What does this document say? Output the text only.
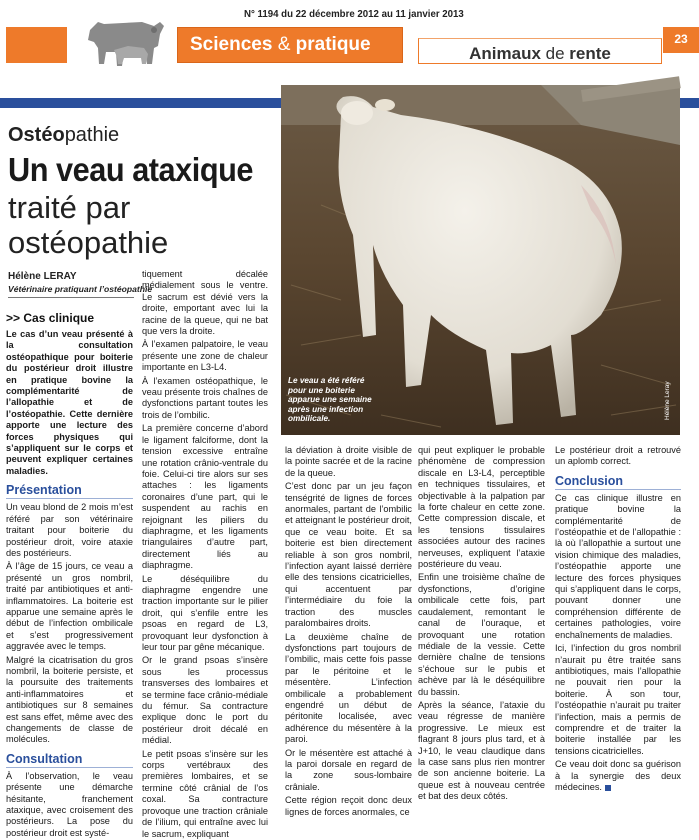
N° 1194 du 22 décembre 2012 au 11 janvier 2013
Sciences & pratique	Animaux de rente
23
Ostéopathie
Un veau ataxique
traité par
ostéopathie
Hélène LERAY
Vétérinaire pratiquant l’ostéopathie
Le veau a été référé pour une boiterie apparue une semaine après une infection ombilicale.	Hélène Leray
>> Cas clinique

Le cas d’un veau présenté à la consultation ostéopathique pour boiterie du postérieur droit illustre en pratique bovine la complémentarité de l’allopathie et de l’ostéopathie. Cette dernière apporte une lecture des forces physiques qui s’appliquent sur le corps et peuvent expliquer certaines maladies.

Présentation

Un veau blond de 2 mois m’est référé par son vétérinaire traitant pour boiterie du postérieur droit, voire ataxie des postérieurs.

À l’âge de 15 jours, ce veau a présenté un gros nombril, traité par antibiotiques et anti-inflammatoires. La boiterie est apparue une semaine après le début de l’infection ombilicale et s’est progressivement aggravée avec le temps.

Malgré la cicatrisation du gros nombril, la boiterie persiste, et la poursuite des traitements anti-inflammatoires et antibiotiques sur 8 semaines est sans effet, même avec des changements de classe de molécules.

Consultation

À l’observation, le veau présente une démarche hésitante, franchement ataxique, avec croisement des postérieurs. La pose du postérieur droit est systé-

tiquement décalée médialement sous le ventre. Le sacrum est dévié vers la droite, emportant avec lui la racine de la queue, qui ne bat que vers la droite.

À l’examen palpatoire, le veau présente une zone de chaleur importante en L3-L4.

À l’examen ostéopathique, le veau présente trois chaînes de dysfonctions partant toutes les trois de l’ombilic.

La première concerne d’abord le ligament falciforme, dont la tension excessive entraîne une rotation crânio-ventrale du foie. Celui-ci tire alors sur ses attaches : les ligaments coronaires d’une part, qui le suspendent au rachis en rejoignant les piliers du diaphragme, et les ligaments triangulaires d’autre part, directement liés au diaphragme.

Le déséquilibre du diaphragme engendre une traction importante sur le pilier droit, qui s’enfile entre les psoas en regard de L3, provoquant leur dysfonction à leur tour par gêne mécanique.

Or le grand psoas s’insère sous les processus transverses des lombaires et se termine face crânio-médiale du fémur. Sa contracture explique donc le port du postérieur droit décalé en médial.

Le petit psoas s’insère sur les corps vertébraux des premières lombaires, et se termine côté crânial de l’os coxal. Sa contracture provoque une traction crâniale de l’ilium, qui entraîne avec lui le sacrum, expliquant

la déviation à droite visible de la pointe sacrée et de la racine de la queue.

C’est donc par un jeu façon tenségrité de lignes de forces anormales, partant de l’ombilic et atteignant le postérieur droit, que ce veau boite. Et sa boiterie est bien directement reliable à son gros nombril, l’infection ayant laissé derrière elle des tensions cicatricielles, qui accentuent par l’intermédiaire du foie la traction des muscles paralombaires droits.

La deuxième chaîne de dysfonctions part toujours de l’ombilic, mais cette fois passe par le péritoine et le mésentère. L’infection ombilicale a probablement engendré un début de péritonite localisée, avec adhérence du mésentère à la paroi.

Or le mésentère est attaché à la paroi dorsale en regard de la zone sous-lombaire crâniale.

Cette région reçoit donc deux lignes de forces anormales, ce

qui peut expliquer le probable phénomène de compression discale en L3-L4, perceptible en techniques tissulaires, et objectivable à la palpation par la forte chaleur en cette zone. Cette compression discale, et les tensions tissulaires associées autour des racines nerveuses, expliquent l’ataxie postérieure du veau.

Enfin une troisième chaîne de dysfonctions, d’origine ombilicale cette fois, part caudalement, remontant le canal de l’ouraque, et provoquant une rotation médiale de la vessie. Cette dernière chaîne de tensions s’échoue sur le pubis et achève par là le déséquilibre du bassin.

Après la séance, l’ataxie du veau régresse de manière progressive. Le mieux est flagrant 8 jours plus tard, et à J+10, le veau claudique dans la case sans plus rien montrer de son ancienne boiterie. La queue est à nouveau centrée et bat des deux côtés.

Le postérieur droit a retrouvé un aplomb correct.

Conclusion

Ce cas clinique illustre en pratique bovine la complémentarité de l’ostéopathie et de l’allopathie : là où l’allopathie a surtout une vision chimique des maladies, l’ostéopathie apporte une lecture des forces physiques qui s’appliquent dans le corps, pouvant donner une compréhension différente de certaines pathologies, voire enchaînements de maladies.

Ici, l’infection du gros nombril n’aurait pu être traitée sans antibiotiques, mais l’allopathie ne pouvait rien pour la boiterie. À son tour, l’ostéopathie n’aurait pu traiter l’infection, mais a permis de comprendre et de traiter la boiterie installée par les tensions cicatricielles.

Ce veau doit donc sa guérison à la synergie des deux médecines.
